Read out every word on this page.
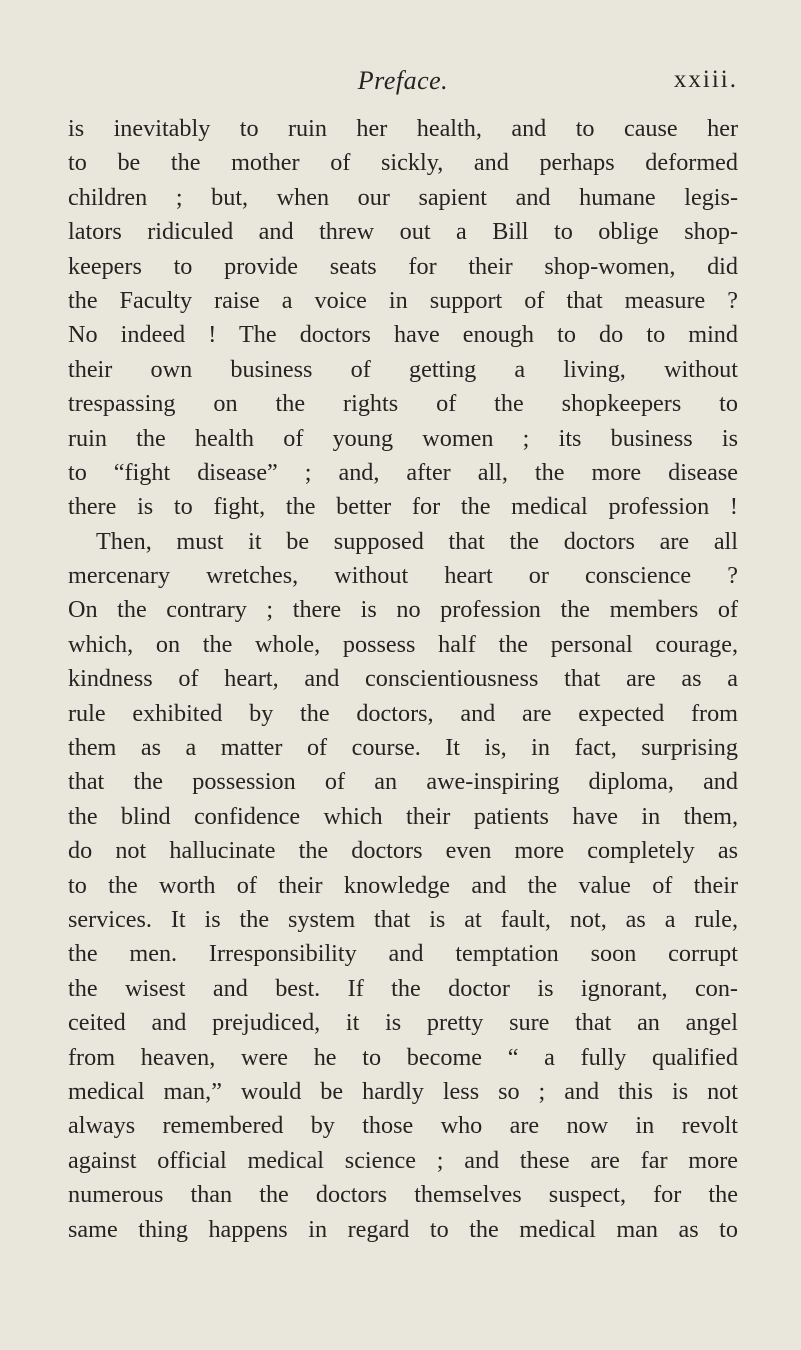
Preface.	xxiii.
is inevitably to ruin her health, and to cause her
to be the mother of sickly, and perhaps deformed
children ; but, when our sapient and humane legis-
lators ridiculed and threw out a Bill to oblige shop-
keepers to provide seats for their shop-women, did
the Faculty raise a voice in support of that measure ?
No indeed ! The doctors have enough to do to mind
their own business of getting a living, without
trespassing on the rights of the shopkeepers to
ruin the health of young women ; its business is
to “fight disease” ; and, after all, the more disease
there is to fight, the better for the medical profession !
Then, must it be supposed that the doctors are all
mercenary wretches, without heart or conscience ?
On the contrary ; there is no profession the members of
which, on the whole, possess half the personal courage,
kindness of heart, and conscientiousness that are as a
rule exhibited by the doctors, and are expected from
them as a matter of course. It is, in fact, surprising
that the possession of an awe-inspiring diploma, and
the blind confidence which their patients have in them,
do not hallucinate the doctors even more completely as
to the worth of their knowledge and the value of their
services. It is the system that is at fault, not, as a rule,
the men. Irresponsibility and temptation soon corrupt
the wisest and best. If the doctor is ignorant, con-
ceited and prejudiced, it is pretty sure that an angel
from heaven, were he to become “ a fully qualified
medical man,” would be hardly less so ; and this is not
always remembered by those who are now in revolt
against official medical science ; and these are far more
numerous than the doctors themselves suspect, for the
same thing happens in regard to the medical man as to
